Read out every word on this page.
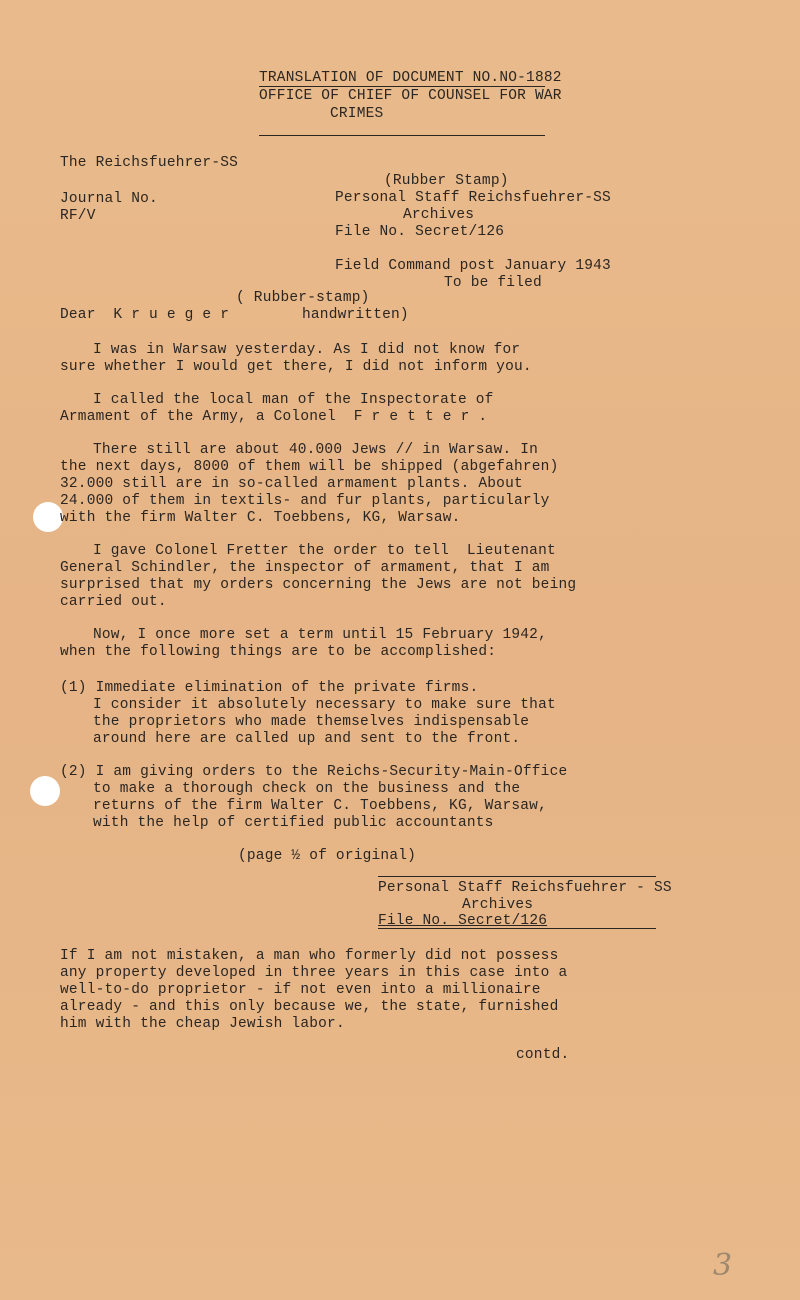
TRANSLATION OF DOCUMENT NO.NO-1882
OFFICE OF CHIEF OF COUNSEL FOR WAR
CRIMES
The Reichsfuehrer-SS
Journal No.
RF/V
(Rubber Stamp)
Personal Staff Reichsfuehrer-SS
Archives
File No. Secret/126
Field Command post January 1943
To be filed
( Rubber-stamp)
Dear  K r u e g e r	handwritten)
I was in Warsaw yesterday. As I did not know for
sure whether I would get there, I did not inform you.
I called the local man of the Inspectorate of
Armament of the Army, a Colonel  F r e t t e r .
There still are about 40.000 Jews // in Warsaw. In
the next days, 8000 of them will be shipped (abgefahren)
32.000 still are in so-called armament plants. About
24.000 of them in textils- and fur plants, particularly
with the firm Walter C. Toebbens, KG, Warsaw.
I gave Colonel Fretter the order to tell  Lieutenant
General Schindler, the inspector of armament, that I am
surprised that my orders concerning the Jews are not being
carried out.
Now, I once more set a term until 15 February 1942,
when the following things are to be accomplished:
(1) Immediate elimination of the private firms.
I consider it absolutely necessary to make sure that
the proprietors who made themselves indispensable
around here are called up and sent to the front.
(2) I am giving orders to the Reichs-Security-Main-Office
to make a thorough check on the business and the
returns of the firm Walter C. Toebbens, KG, Warsaw,
with the help of certified public accountants
(page ½ of original)
Personal Staff Reichsfuehrer - SS
Archives
File No. Secret/126
If I am not mistaken, a man who formerly did not possess
any property developed in three years in this case into a
well-to-do proprietor - if not even into a millionaire
already - and this only because we, the state, furnished
him with the cheap Jewish labor.
contd.
3
